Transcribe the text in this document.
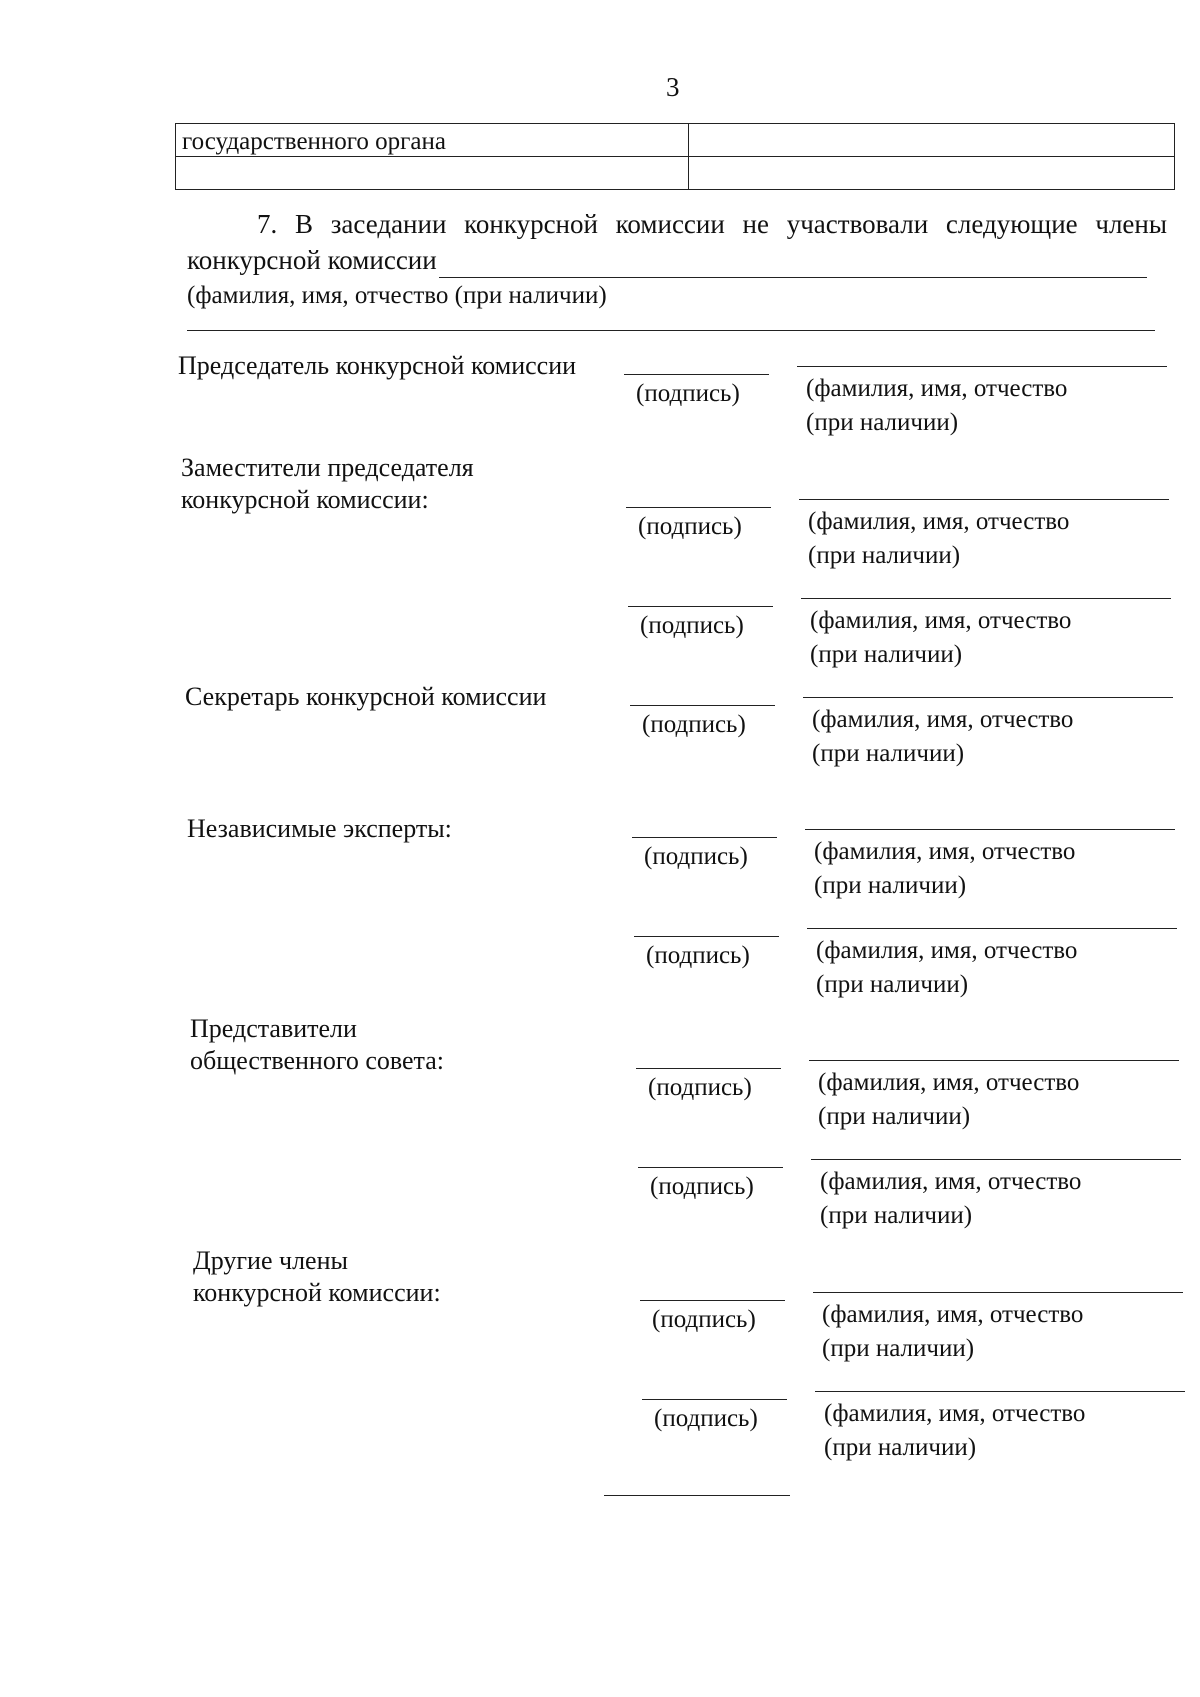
3
государственного органа	

7. В заседании конкурсной комиссии не участвовали следующие члены
конкурсной комиссии
(фамилия, имя, отчество (при наличии)
Председатель конкурсной комиссии
(подпись)	(фамилия, имя, отчество
(при наличии)
Заместители председателя
конкурсной комиссии:
(подпись)	(фамилия, имя, отчество
(при наличии)
(подпись)	(фамилия, имя, отчество
(при наличии)
Секретарь конкурсной комиссии
(подпись)	(фамилия, имя, отчество
(при наличии)
Независимые эксперты:
(подпись)	(фамилия, имя, отчество
(при наличии)
(подпись)	(фамилия, имя, отчество
(при наличии)
Представители
общественного совета:
(подпись)	(фамилия, имя, отчество
(при наличии)
(подпись)	(фамилия, имя, отчество
(при наличии)
Другие члены
конкурсной комиссии:
(подпись)	(фамилия, имя, отчество
(при наличии)
(подпись)	(фамилия, имя, отчество
(при наличии)
